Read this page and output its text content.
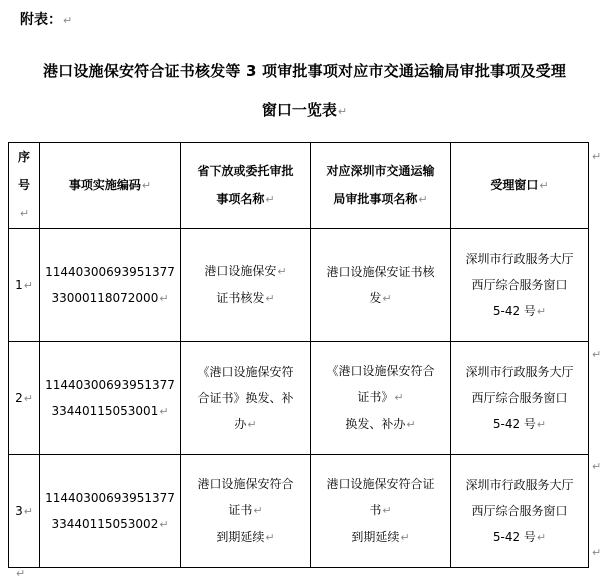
附表：↵
港口设施保安符合证书核发等 3 项审批事项对应市交通运输局审批事项及受理
窗口一览表↵
序
号↵	事项实施编码↵	省下放或委托审批
事项名称↵	对应深圳市交通运输
局审批事项名称↵	受理窗口↵
1↵	11440300693951377
33000118072000↵	港口设施保安↵
证书核发↵	港口设施保安证书核
发↵	深圳市行政服务大厅
西厅综合服务窗口
5-42 号↵
2↵	11440300693951377
33440115053001↵	《港口设施保安符
合证书》换发、补
办↵	《港口设施保安符合
证书》↵
换发、补办↵	深圳市行政服务大厅
西厅综合服务窗口
5-42 号↵
3↵	11440300693951377
33440115053002↵	港口设施保安符合
证书↵
到期延续↵	港口设施保安符合证
书↵
到期延续↵	深圳市行政服务大厅
西厅综合服务窗口
5-42 号↵
↵
↵
↵
↵
↵
